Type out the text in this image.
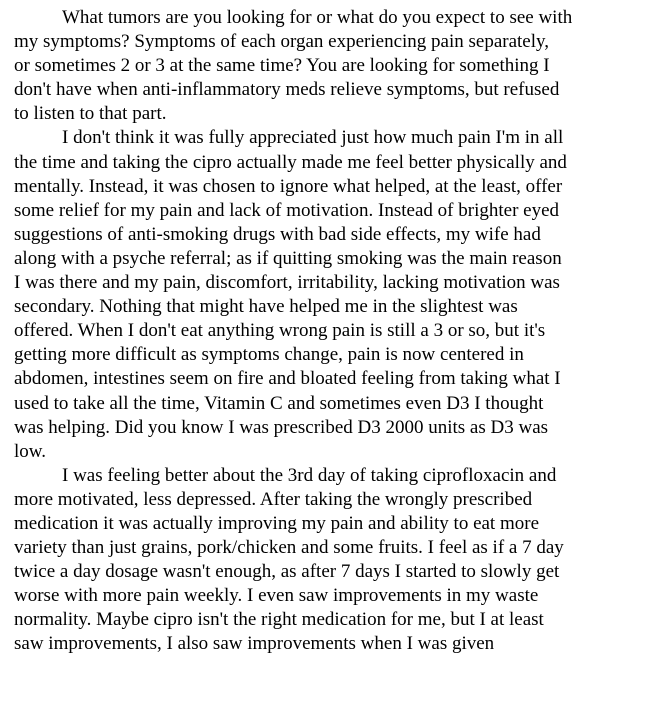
What tumors are you looking for or what do you expect to see with
my symptoms? Symptoms of each organ experiencing pain separately,
or sometimes 2 or 3 at the same time? You are looking for something I
don't have when anti-inflammatory meds relieve symptoms, but refused
to listen to that part.
I don't think it was fully appreciated just how much pain I'm in all
the time and taking the cipro actually made me feel better physically and
mentally. Instead, it was chosen to ignore what helped, at the least, offer
some relief for my pain and lack of motivation. Instead of brighter eyed
suggestions of anti-smoking drugs with bad side effects, my wife had
along with a psyche referral; as if quitting smoking was the main reason
I was there and my pain, discomfort, irritability, lacking motivation was
secondary. Nothing that might have helped me in the slightest was
offered. When I don't eat anything wrong pain is still a 3 or so, but it's
getting more difficult as symptoms change, pain is now centered in
abdomen, intestines seem on fire and bloated feeling from taking what I
used to take all the time, Vitamin C and sometimes even D3 I thought
was helping. Did you know I was prescribed D3 2000 units as D3 was
low.
I was feeling better about the 3rd day of taking ciprofloxacin and
more motivated, less depressed. After taking the wrongly prescribed
medication it was actually improving my pain and ability to eat more
variety than just grains, pork/chicken and some fruits. I feel as if a 7 day
twice a day dosage wasn't enough, as after 7 days I started to slowly get
worse with more pain weekly. I even saw improvements in my waste
normality. Maybe cipro isn't the right medication for me, but I at least
saw improvements, I also saw improvements when I was given
